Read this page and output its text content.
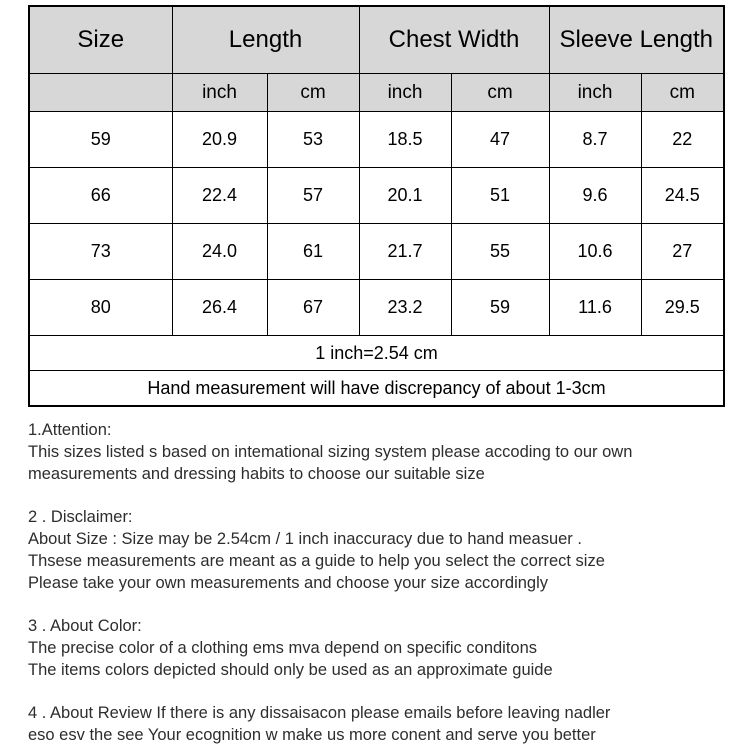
Size	Length		Chest Width		Sleeve Length	
	inch	cm	inch	cm	inch	cm
59	20.9	53	18.5	47	8.7	22
66	22.4	57	20.1	51	9.6	24.5
73	24.0	61	21.7	55	10.6	27
80	26.4	67	23.2	59	11.6	29.5
1 inch=2.54 cm						
Hand measurement will have discrepancy of about 1-3cm						
1.Attention:
This sizes listed s based on intemational sizing system please accoding to our own
measurements and dressing habits to choose our suitable size
2 . Disclaimer:
About Size : Size may be 2.54cm / 1 inch inaccuracy due to hand measuer .
Thsese measurements are meant as a guide to help you select the correct size
Please take your own measurements and choose your size accordingly
3 . About Color:
The precise color of a clothing ems mva depend on specific conditons
The items colors depicted should only be used as an approximate guide
4 . About Review If there is any dissaisacon please emails before leaving nadler
eso esv the see Your ecognition w make us more conent and serve you better
